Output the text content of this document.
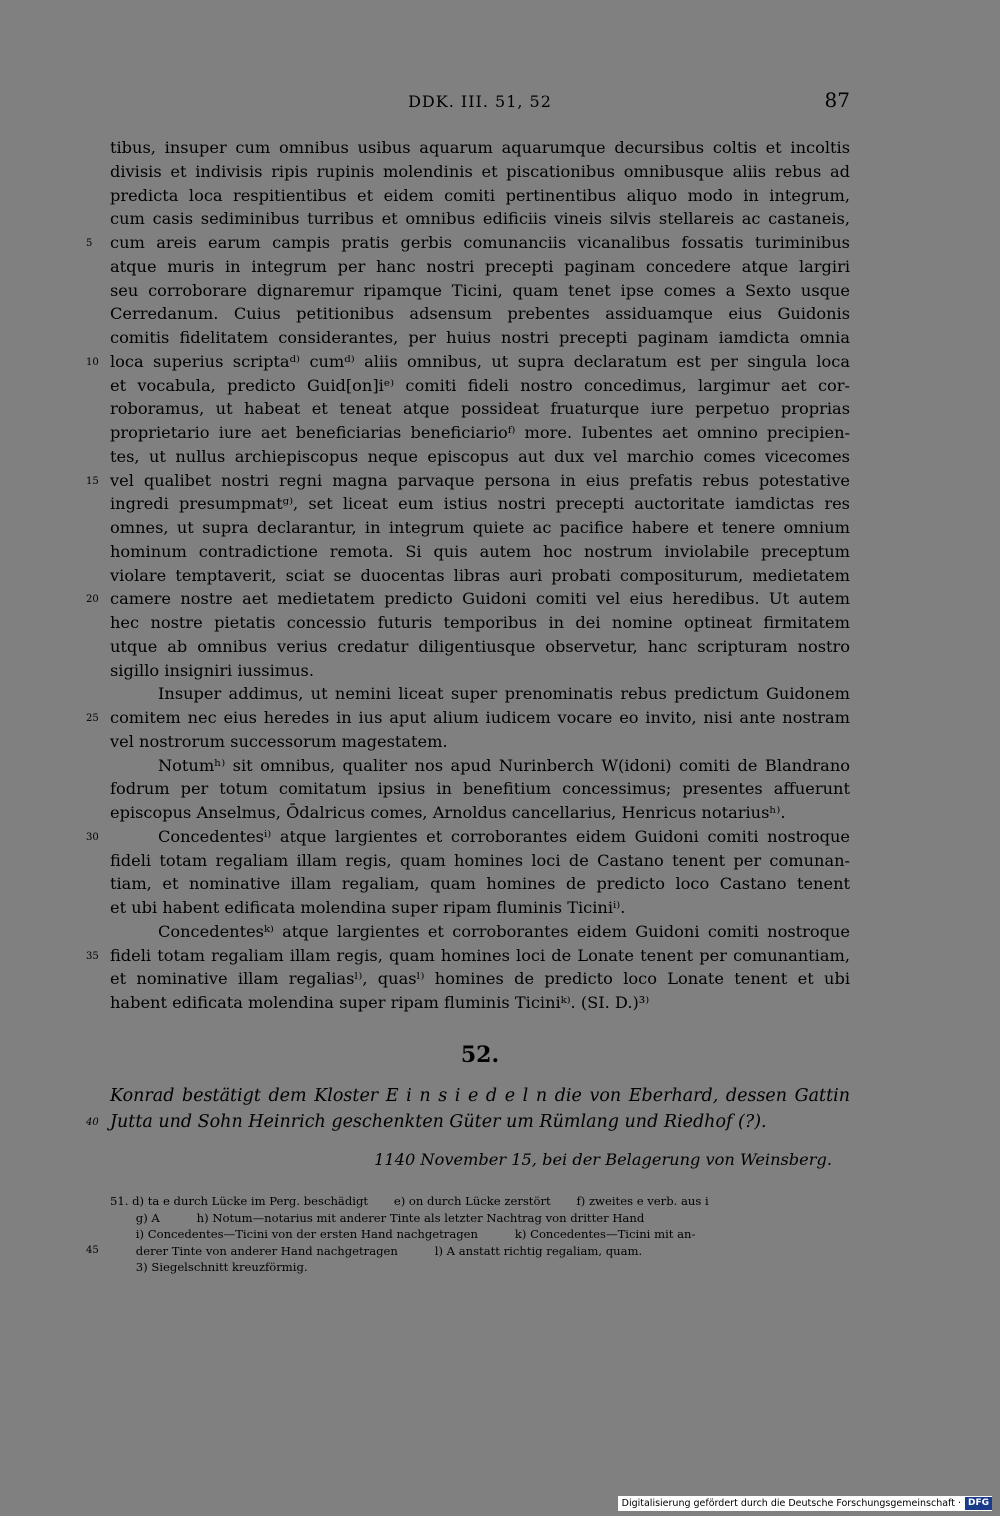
DDK. III. 51, 52	87
tibus, insuper cum omnibus usibus aquarum aquarumque decursibus coltis et incoltis
divisis et indivisis ripis rupinis molendinis et piscationibus omnibusque aliis rebus ad
predicta loca respitientibus et eidem comiti pertinentibus aliquo modo in integrum,
cum casis sediminibus turribus et omnibus edificiis vineis silvis stellareis ac castaneis,
5	cum areis earum campis pratis gerbis comunanciis vicanalibus fossatis turiminibus
atque muris in integrum per hanc nostri precepti paginam concedere atque largiri
seu corroborare dignaremur ripamque Ticini, quam tenet ipse comes a Sexto usque
Cerredanum. Cuius petitionibus adsensum prebentes assiduamque eius Guidonis
comitis fidelitatem considerantes, per huius nostri precepti paginam iamdicta omnia
10 loca superius scriptaᵈ⁾ cumᵈ⁾ aliis omnibus, ut supra declaratum est per singula loca
et vocabula, predicto Guid[on]iᵉ⁾ comiti fideli nostro concedimus, largimur aet cor-
roboramus, ut habeat et teneat atque possideat fruaturque iure perpetuo proprias
proprietario iure aet beneficiarias beneficiarioᶠ⁾ more. Iubentes aet omnino precipien-
tes, ut nullus archiepiscopus neque episcopus aut dux vel marchio comes vicecomes
15 vel qualibet nostri regni magna parvaque persona in eius prefatis rebus potestative
ingredi presumpmatᵍ⁾, set liceat eum istius nostri precepti auctoritate iamdictas res
omnes, ut supra declarantur, in integrum quiete ac pacifice habere et tenere omnium
hominum contradictione remota. Si quis autem hoc nostrum inviolabile preceptum
violare temptaverit, sciat se duocentas libras auri probati compositurum, medietatem
20 camere nostre aet medietatem predicto Guidoni comiti vel eius heredibus. Ut autem
hec nostre pietatis concessio futuris temporibus in dei nomine optineat firmitatem
utque ab omnibus verius credatur diligentiusque observetur, hanc scripturam nostro
sigillo insigniri iussimus.
Insuper addimus, ut nemini liceat super prenominatis rebus predictum Guidonem
25 comitem nec eius heredes in ius aput alium iudicem vocare eo invito, nisi ante nostram
vel nostrorum successorum magestatem.
Notumʰ⁾ sit omnibus, qualiter nos apud Nurinberch W(idoni) comiti de Blandrano
fodrum per totum comitatum ipsius in benefitium concessimus; presentes affuerunt
episcopus Anselmus, Ōdalricus comes, Arnoldus cancellarius, Henricus notariusʰ⁾.
30	Concedentesⁱ⁾ atque largientes et corroborantes eidem Guidoni comiti nostroque
fideli totam regaliam illam regis, quam homines loci de Castano tenent per comunan-
tiam, et nominative illam regaliam, quam homines de predicto loco Castano tenent
et ubi habent edificata molendina super ripam fluminis Ticiniⁱ⁾.
Concedentesᵏ⁾ atque largientes et corroborantes eidem Guidoni comiti nostroque
35 fideli totam regaliam illam regis, quam homines loci de Lonate tenent per comunantiam,
et nominative illam regaliasˡ⁾, quasˡ⁾ homines de predicto loco Lonate tenent et ubi
habent edificata molendina super ripam fluminis Ticiniᵏ⁾. (SI. D.)³⁾
52.
Konrad bestätigt dem Kloster E i n s i e d e l n die von Eberhard, dessen Gattin
40 Jutta und Sohn Heinrich geschenkten Güter um Rümlang und Riedhof (?).
1140 November 15, bei der Belagerung von Weinsberg.
51. d) ta e durch Lücke im Perg. beschädigt       e) on durch Lücke zerstört       f) zweites e verb. aus i
g) A          h) Notum—notarius mit anderer Tinte als letzter Nachtrag von dritter Hand
i) Concedentes—Ticini von der ersten Hand nachgetragen          k) Concedentes—Ticini mit an-
45 derer Tinte von anderer Hand nachgetragen          l) A anstatt richtig regaliam, quam.
3) Siegelschnitt kreuzförmig.
Digitalisierung gefördert durch die Deutsche Forschungsgemeinschaft · DFG
